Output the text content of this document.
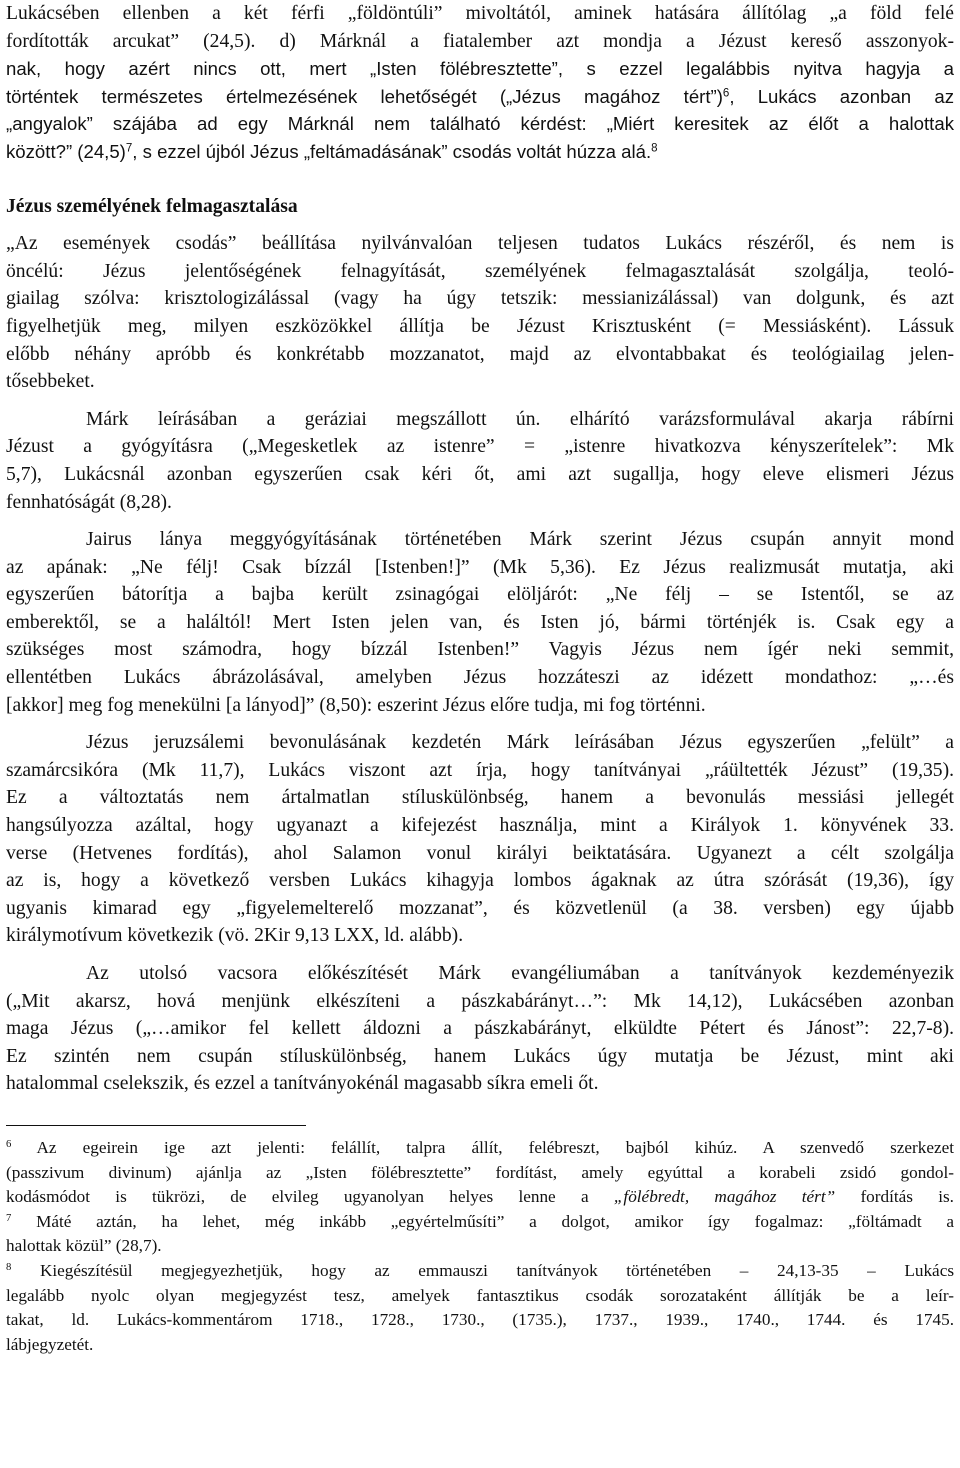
Lukácsében ellenben a két férfi „földöntúli” mivoltától, aminek hatására állítólag „a föld felé
fordították arcukat” (24,5). d) Márknál a fiatalember azt mondja a Jézust kereső asszonyok-
nak, hogy azért nincs ott, mert „Isten fölébresztette”, s ezzel legalábbis nyitva hagyja a
történtek természetes értelmezésének lehetőségét („Jézus magához tért”)$^6$, Lukács azonban az
„angyalok” szájába ad egy Márknál nem található kérdést: „Miért keresitek az élőt a halottak
között?” $(24,5)^7$, s ezzel újból Jézus „feltámadásának” csodás voltát húzza alá.$^8$
Jézus személyének felmagasztalása
„Az események csodás” beállítása nyilvánvalóan teljesen tudatos Lukács részéről, és nem is
öncélú: Jézus jelentőségének felnagyítását, személyének felmagasztalását szolgálja, teoló-
giailag szólva: krisztologizálással (vagy ha úgy tetszik: messianizálással) van dolgunk, és azt
figyelhetjük meg, milyen eszközökkel állítja be Jézust Krisztusként (= Messiásként). Lássuk
előbb néhány apróbb és konkrétabb mozzanatot, majd az elvontabbakat és teológiailag jelen-
tősebbeket.
Márk leírásában a geráziai megszállott ún. elhárító varázsformulával akarja rábírni
Jézust a gyógyításra („Megesketlek az istenre” = „istenre hivatkozva kényszerítelek”: Mk
5,7), Lukácsnál azonban egyszerűen csak kéri őt, ami azt sugallja, hogy eleve elismeri Jézus
fennhatóságát (8,28).
Jairus lánya meggyógyításának történetében Márk szerint Jézus csupán annyit mond
az apának: „Ne félj! Csak bízzál [Istenben!]” (Mk 5,36). Ez Jézus realizmusát mutatja, aki
egyszerűen bátorítja a bajba került zsinagógai elöljárót: „Ne félj – se Istentől, se az
emberektől, se a haláltól! Mert Isten jelen van, és Isten jó, bármi történjék is. Csak egy a
szükséges most számodra, hogy bízzál Istenben!” Vagyis Jézus nem ígér neki semmit,
ellentétben Lukács ábrázolásával, amelyben Jézus hozzáteszi az idézett mondathoz: „…és
[akkor] meg fog menekülni [a lányod]” (8,50): eszerint Jézus előre tudja, mi fog történni.
Jézus jeruzsálemi bevonulásának kezdetén Márk leírásában Jézus egyszerűen „felült” a
szamárcsikóra (Mk 11,7), Lukács viszont azt írja, hogy tanítványai „ráültették Jézust” (19,35).
Ez a változtatás nem ártalmatlan stíluskülönbség, hanem a bevonulás messiási jellegét
hangsúlyozza azáltal, hogy ugyanazt a kifejezést használja, mint a Királyok 1. könyvének 33.
verse (Hetvenes fordítás), ahol Salamon vonul királyi beiktatására. Ugyanezt a célt szolgálja
az is, hogy a következő versben Lukács kihagyja lombos ágaknak az útra szórását (19,36), így
ugyanis kimarad egy „figyelemelterelő mozzanat”, és közvetlenül (a 38. versben) egy újabb
királymotívum következik (vö. 2Kir 9,13 LXX, ld. alább).
Az utolsó vacsora előkészítését Márk evangéliumában a tanítványok kezdeményezik
(„Mit akarsz, hová menjünk elkészíteni a pászkabárányt…”: Mk 14,12), Lukácsében azonban
maga Jézus („…amikor fel kellett áldozni a pászkabárányt, elküldte Pétert és Jánost”: 22,7-8).
Ez szintén nem csupán stíluskülönbség, hanem Lukács úgy mutatja be Jézust, mint aki
hatalommal cselekszik, és ezzel a tanítványokénál magasabb síkra emeli őt.
$^6$ Az egeirein ige azt jelenti: felállít, talpra állít, felébreszt, bajból kihúz. A szenvedő szerkezet
(passzivum divinum) ajánlja az „Isten fölébresztette” fordítást, amely egyúttal a korabeli zsidó gondol-
kodásmódot is tükrözi, de elvileg ugyanolyan helyes lenne a „fölébredt, magához tért” fordítás is.
$^7$ Máté aztán, ha lehet, még inkább „egyértelműsíti” a dolgot, amikor így fogalmaz: „föltámadt a
halottak közül” (28,7).
$^8$ Kiegészítésül megjegyezhetjük, hogy az emmauszi tanítványok történetében – 24,13-35 – Lukács
legalább nyolc olyan megjegyzést tesz, amelyek fantasztikus csodák sorozataként állítják be a leír-
takat, ld. Lukács-kommentárom 1718., 1728., 1730., (1735.), 1737., 1939., 1740., 1744. és 1745.
lábjegyzetét.
